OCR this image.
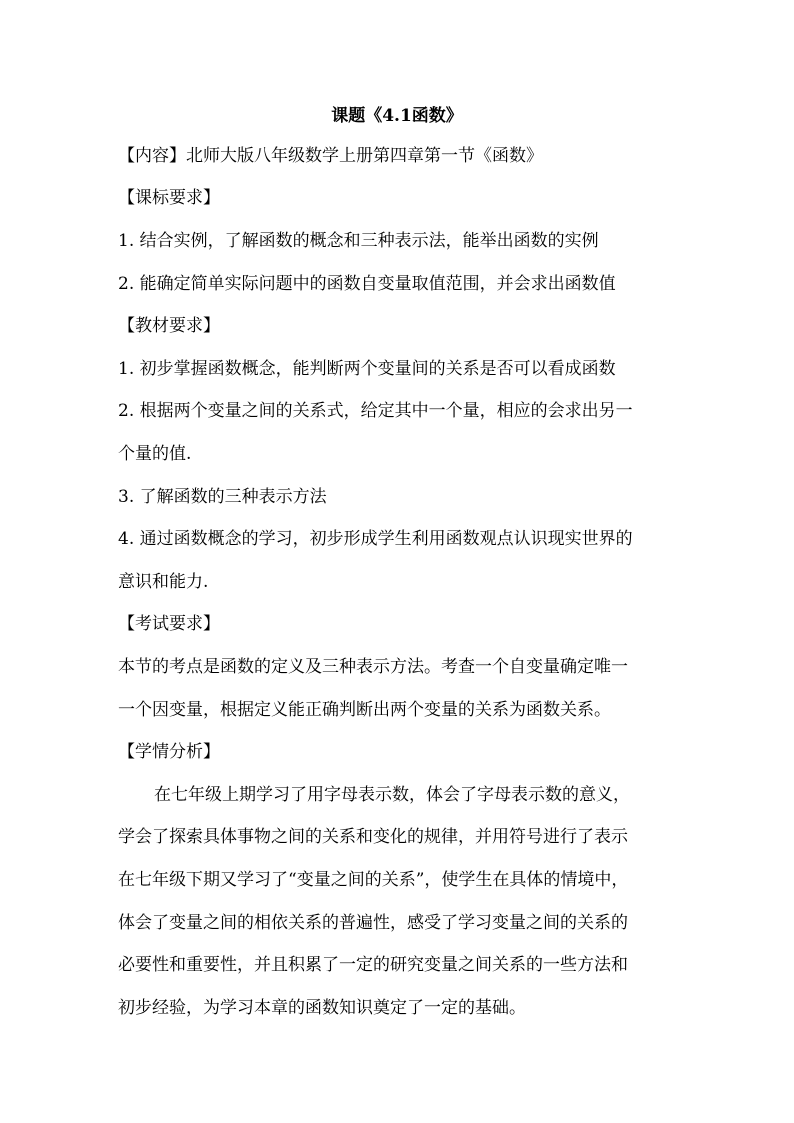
课题《4.1函数》
【内容】北师大版八年级数学上册第四章第一节《函数》
【课标要求】
1. 结合实例，了解函数的概念和三种表示法，能举出函数的实例
2. 能确定简单实际问题中的函数自变量取值范围，并会求出函数值
【教材要求】
1. 初步掌握函数概念，能判断两个变量间的关系是否可以看成函数
2. 根据两个变量之间的关系式，给定其中一个量，相应的会求出另一
个量的值.
3. 了解函数的三种表示方法
4. 通过函数概念的学习，初步形成学生利用函数观点认识现实世界的
意识和能力.
【考试要求】
本节的考点是函数的定义及三种表示方法。考查一个自变量确定唯一
一个因变量，根据定义能正确判断出两个变量的关系为函数关系。
【学情分析】
在七年级上期学习了用字母表示数，体会了字母表示数的意义，
学会了探索具体事物之间的关系和变化的规律，并用符号进行了表示
在七年级下期又学习了“变量之间的关系”，使学生在具体的情境中，
体会了变量之间的相依关系的普遍性，感受了学习变量之间的关系的
必要性和重要性，并且积累了一定的研究变量之间关系的一些方法和
初步经验，为学习本章的函数知识奠定了一定的基础。
